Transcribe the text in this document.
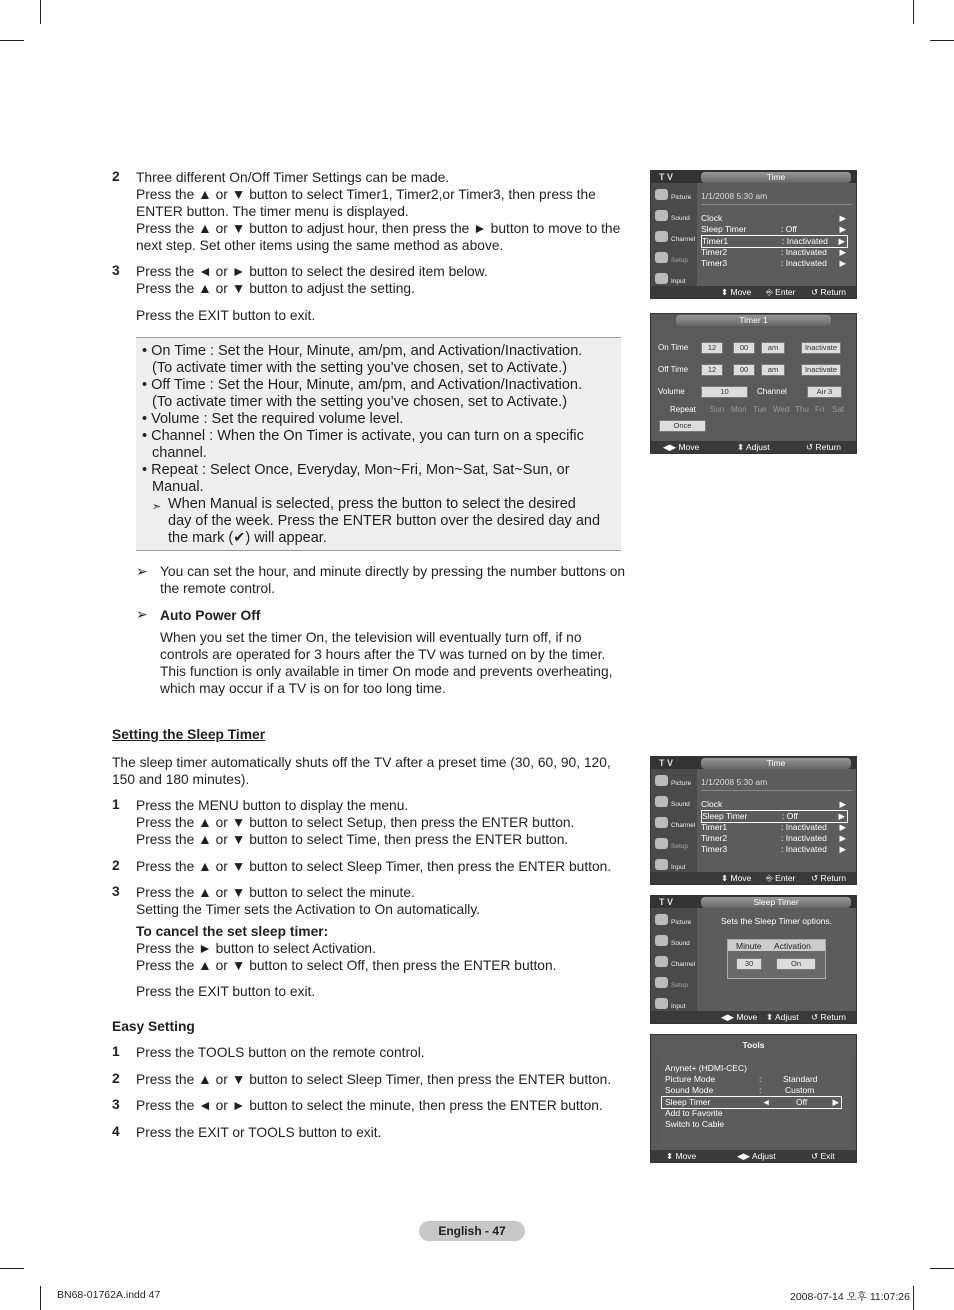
2 Three different On/Off Timer Settings can be made.
Press the ▲ or ▼ button to select Timer1, Timer2,or Timer3, then press the
ENTER button. The timer menu is displayed.
Press the ▲ or ▼ button to adjust hour, then press the ► button to move to the
next step. Set other items using the same method as above.
3 Press the ◄ or ► button to select the desired item below.
Press the ▲ or ▼ button to adjust the setting.
Press the EXIT button to exit.
• On Time : Set the Hour, Minute, am/pm, and Activation/Inactivation.
(To activate timer with the setting you’ve chosen, set to Activate.)
• Off Time : Set the Hour, Minute, am/pm, and Activation/Inactivation.
(To activate timer with the setting you’ve chosen, set to Activate.)
• Volume : Set the required volume level.
• Channel : When the On Timer is activate, you can turn on a specific
channel.
• Repeat : Select Once, Everyday, Mon~Fri, Mon~Sat, Sat~Sun, or
Manual.
➣ When Manual is selected, press the button to select the desired
day of the week. Press the ENTER button over the desired day and
the mark (✔) will appear.
➢ You can set the hour, and minute directly by pressing the number buttons on
the remote control.
➢ Auto Power Off
When you set the timer On, the television will eventually turn off, if no
controls are operated for 3 hours after the TV was turned on by the timer.
This function is only available in timer On mode and prevents overheating,
which may occur if a TV is on for too long time.
Setting the Sleep Timer
The sleep timer automatically shuts off the TV after a preset time (30, 60, 90, 120,
150 and 180 minutes).
1 Press the MENU button to display the menu.
Press the ▲ or ▼ button to select Setup, then press the ENTER button.
Press the ▲ or ▼ button to select Time, then press the ENTER button.
2 Press the ▲ or ▼ button to select Sleep Timer, then press the ENTER button.
3 Press the ▲ or ▼ button to select the minute.
Setting the Timer sets the Activation to On automatically.
To cancel the set sleep timer:
Press the ► button to select Activation.
Press the ▲ or ▼ button to select Off, then press the ENTER button.
Press the EXIT button to exit.
Easy Setting
1 Press the TOOLS button on the remote control.
2 Press the ▲ or ▼ button to select Sleep Timer, then press the ENTER button.
3 Press the ◄ or ► button to select the minute, then press the ENTER button.
4 Press the EXIT or TOOLS button to exit.
T V	Time
Picture
Sound
Channel
Setup
Input
1/1/2008 5:30 am
Clock	▶
Sleep Timer	: Off	▶
Timer1	: Inactivated ▶
Timer2	: Inactivated ▶
Timer3	: Inactivated ▶
⬍ Move ⎆ Enter ↺ Return
Timer 1
On Time	12	00	am	Inactivate
Off Time	12	00	am	Inactivate
Volume	10	Channel	Air 3
Repeat Sun Mon Tue Wed Thu Fri Sat
Once
◀▶ Move	⬍ Adjust	↺ Return
T V	Time
Picture
Sound
Channel
Setup
Input
1/1/2008 5:30 am
Clock	▶
Sleep Timer	: Off	▶
Timer1	: Inactivated ▶
Timer2	: Inactivated ▶
Timer3	: Inactivated ▶
⬍ Move ⎆ Enter ↺ Return
T V	Sleep Timer
Picture
Sound
Channel
Setup
Input
Sets the Sleep Timer options.
Minute Activation
30	On
◀▶ Move ⬍ Adjust ↺ Return
Tools
Anynet+ (HDMI-CEC)
Picture Mode	:	Standard
Sound Mode	:	Custom
Sleep Timer	◄	Off	▶
Add to Favorite
Switch to Cable
⬍ Move	◀▶ Adjust	↺ Exit
English - 47
BN68-01762A.indd 47	2008-07-14 오후 11:07:26
